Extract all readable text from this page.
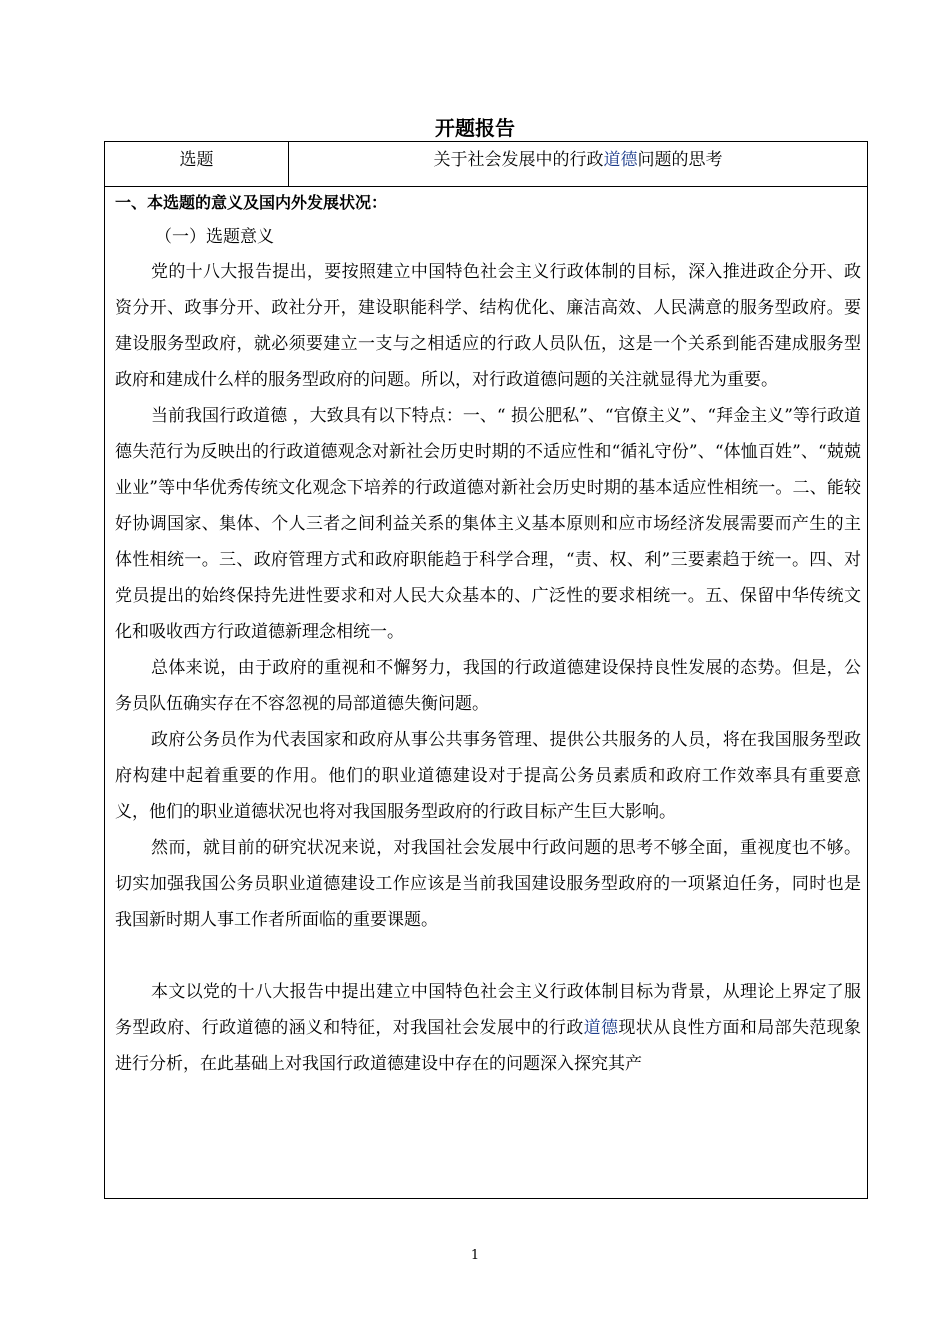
开题报告
选题	关于社会发展中的行政道德问题的思考
一、本选题的意义及国内外发展状况：
（一）选题意义

党的十八大报告提出，要按照建立中国特色社会主义行政体制的目标，深入推进政企分开、政资分开、政事分开、政社分开，建设职能科学、结构优化、廉洁高效、人民满意的服务型政府。要建设服务型政府，就必须要建立一支与之相适应的行政人员队伍，这是一个关系到能否建成服务型政府和建成什么样的服务型政府的问题。所以，对行政道德问题的关注就显得尤为重要。

当前我国行政道德 ，大致具有以下特点：一、“ 损公肥私”、“官僚主义”、“拜金主义”等行政道德失范行为反映出的行政道德观念对新社会历史时期的不适应性和“循礼守份”、“体恤百姓”、“兢兢业业”等中华优秀传统文化观念下培养的行政道德对新社会历史时期的基本适应性相统一。二、能较好协调国家、集体、个人三者之间利益关系的集体主义基本原则和应市场经济发展需要而产生的主体性相统一。三、政府管理方式和政府职能趋于科学合理，“责、权、利”三要素趋于统一。四、对党员提出的始终保持先进性要求和对人民大众基本的、广泛性的要求相统一。五、保留中华传统文化和吸收西方行政道德新理念相统一。

总体来说，由于政府的重视和不懈努力，我国的行政道德建设保持良性发展的态势。但是，公务员队伍确实存在不容忽视的局部道德失衡问题。

政府公务员作为代表国家和政府从事公共事务管理、提供公共服务的人员，将在我国服务型政府构建中起着重要的作用。他们的职业道德建设对于提高公务员素质和政府工作效率具有重要意义，他们的职业道德状况也将对我国服务型政府的行政目标产生巨大影响。

然而，就目前的研究状况来说，对我国社会发展中行政问题的思考不够全面，重视度也不够。切实加强我国公务员职业道德建设工作应该是当前我国建设服务型政府的一项紧迫任务，同时也是我国新时期人事工作者所面临的重要课题。

本文以党的十八大报告中提出建立中国特色社会主义行政体制目标为背景，从理论上界定了服务型政府、行政道德的涵义和特征，对我国社会发展中的行政道德现状从良性方面和局部失范现象进行分析，在此基础上对我国行政道德建设中存在的问题深入探究其产

1
